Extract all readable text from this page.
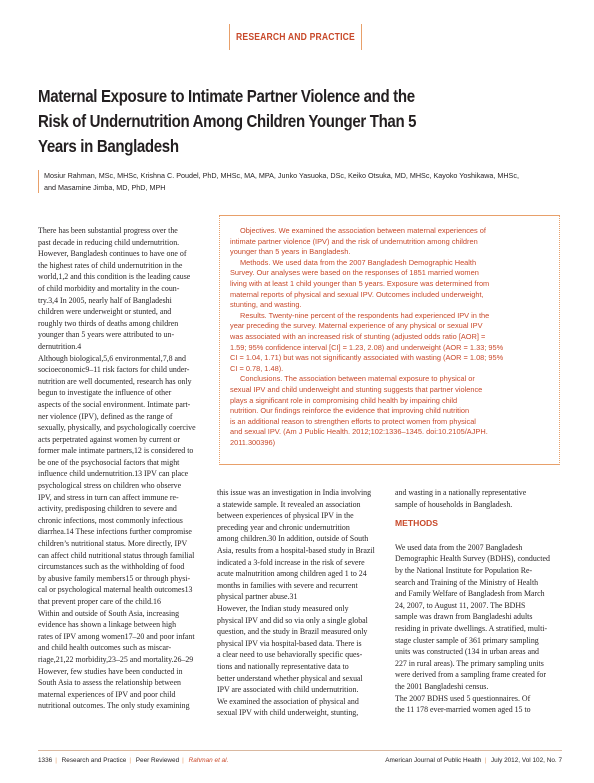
RESEARCH AND PRACTICE
Maternal Exposure to Intimate Partner Violence and the
Risk of Undernutrition Among Children Younger Than 5
Years in Bangladesh
Mosiur Rahman, MSc, MHSc, Krishna C. Poudel, PhD, MHSc, MA, MPA, Junko Yasuoka, DSc, Keiko Otsuka, MD, MHSc, Kayoko Yoshikawa, MHSc,
and Masamine Jimba, MD, PhD, MPH
Objectives. We examined the association between maternal experiences of
intimate partner violence (IPV) and the risk of undernutrition among children
younger than 5 years in Bangladesh.
Methods. We used data from the 2007 Bangladesh Demographic Health
Survey. Our analyses were based on the responses of 1851 married women
living with at least 1 child younger than 5 years. Exposure was determined from
maternal reports of physical and sexual IPV. Outcomes included underweight,
stunting, and wasting.
Results. Twenty-nine percent of the respondents had experienced IPV in the
year preceding the survey. Maternal experience of any physical or sexual IPV
was associated with an increased risk of stunting (adjusted odds ratio [AOR] =
1.59; 95% confidence interval [CI] = 1.23, 2.08) and underweight (AOR = 1.33; 95%
CI = 1.04, 1.71) but was not significantly associated with wasting (AOR = 1.08; 95%
CI = 0.78, 1.48).
Conclusions. The association between maternal exposure to physical or
sexual IPV and child underweight and stunting suggests that partner violence
plays a significant role in compromising child health by impairing child
nutrition. Our findings reinforce the evidence that improving child nutrition
is an additional reason to strengthen efforts to protect women from physical
and sexual IPV. (Am J Public Health. 2012;102:1336–1345. doi:10.2105/AJPH.
2011.300396)
There has been substantial progress over the
past decade in reducing child undernutrition.
However, Bangladesh continues to have one of
the highest rates of child undernutrition in the
world,1,2 and this condition is the leading cause
of child morbidity and mortality in the coun-
try.3,4 In 2005, nearly half of Bangladeshi
children were underweight or stunted, and
roughly two thirds of deaths among children
younger than 5 years were attributed to un-
dernutrition.4
Although biological,5,6 environmental,7,8 and
socioeconomic9–11 risk factors for child under-
nutrition are well documented, research has only
begun to investigate the influence of other
aspects of the social environment. Intimate part-
ner violence (IPV), defined as the range of
sexually, physically, and psychologically coercive
acts perpetrated against women by current or
former male intimate partners,12 is considered to
be one of the psychosocial factors that might
influence child undernutrition.13 IPV can place
psychological stress on children who observe
IPV, and stress in turn can affect immune re-
activity, predisposing children to severe and
chronic infections, most commonly infectious
diarrhea.14 These infections further compromise
children’s nutritional status. More directly, IPV
can affect child nutritional status through familial
circumstances such as the withholding of food
by abusive family members15 or through physi-
cal or psychological maternal health outcomes13
that prevent proper care of the child.16
Within and outside of South Asia, increasing
evidence has shown a linkage between high
rates of IPV among women17–20 and poor infant
and child health outcomes such as miscar-
riage,21,22 morbidity,23–25 and mortality.26–29
However, few studies have been conducted in
South Asia to assess the relationship between
maternal experiences of IPV and poor child
nutritional outcomes. The only study examining
this issue was an investigation in India involving
a statewide sample. It revealed an association
between experiences of physical IPV in the
preceding year and chronic undernutrition
among children.30 In addition, outside of South
Asia, results from a hospital-based study in Brazil
indicated a 3-fold increase in the risk of severe
acute malnutrition among children aged 1 to 24
months in families with severe and recurrent
physical partner abuse.31
However, the Indian study measured only
physical IPV and did so via only a single global
question, and the study in Brazil measured only
physical IPV via hospital-based data. There is
a clear need to use behaviorally specific ques-
tions and nationally representative data to
better understand whether physical and sexual
IPV are associated with child undernutrition.
We examined the association of physical and
sexual IPV with child underweight, stunting,
and wasting in a nationally representative
sample of households in Bangladesh.
METHODS
We used data from the 2007 Bangladesh
Demographic Health Survey (BDHS), conducted
by the National Institute for Population Re-
search and Training of the Ministry of Health
and Family Welfare of Bangladesh from March
24, 2007, to August 11, 2007. The BDHS
sample was drawn from Bangladeshi adults
residing in private dwellings. A stratified, multi-
stage cluster sample of 361 primary sampling
units was constructed (134 in urban areas and
227 in rural areas). The primary sampling units
were derived from a sampling frame created for
the 2001 Bangladeshi census.
The 2007 BDHS used 5 questionnaires. Of
the 11 178 ever-married women aged 15 to
1336 | Research and Practice | Peer Reviewed | Rahman et al.	American Journal of Public Health | July 2012, Vol 102, No. 7
